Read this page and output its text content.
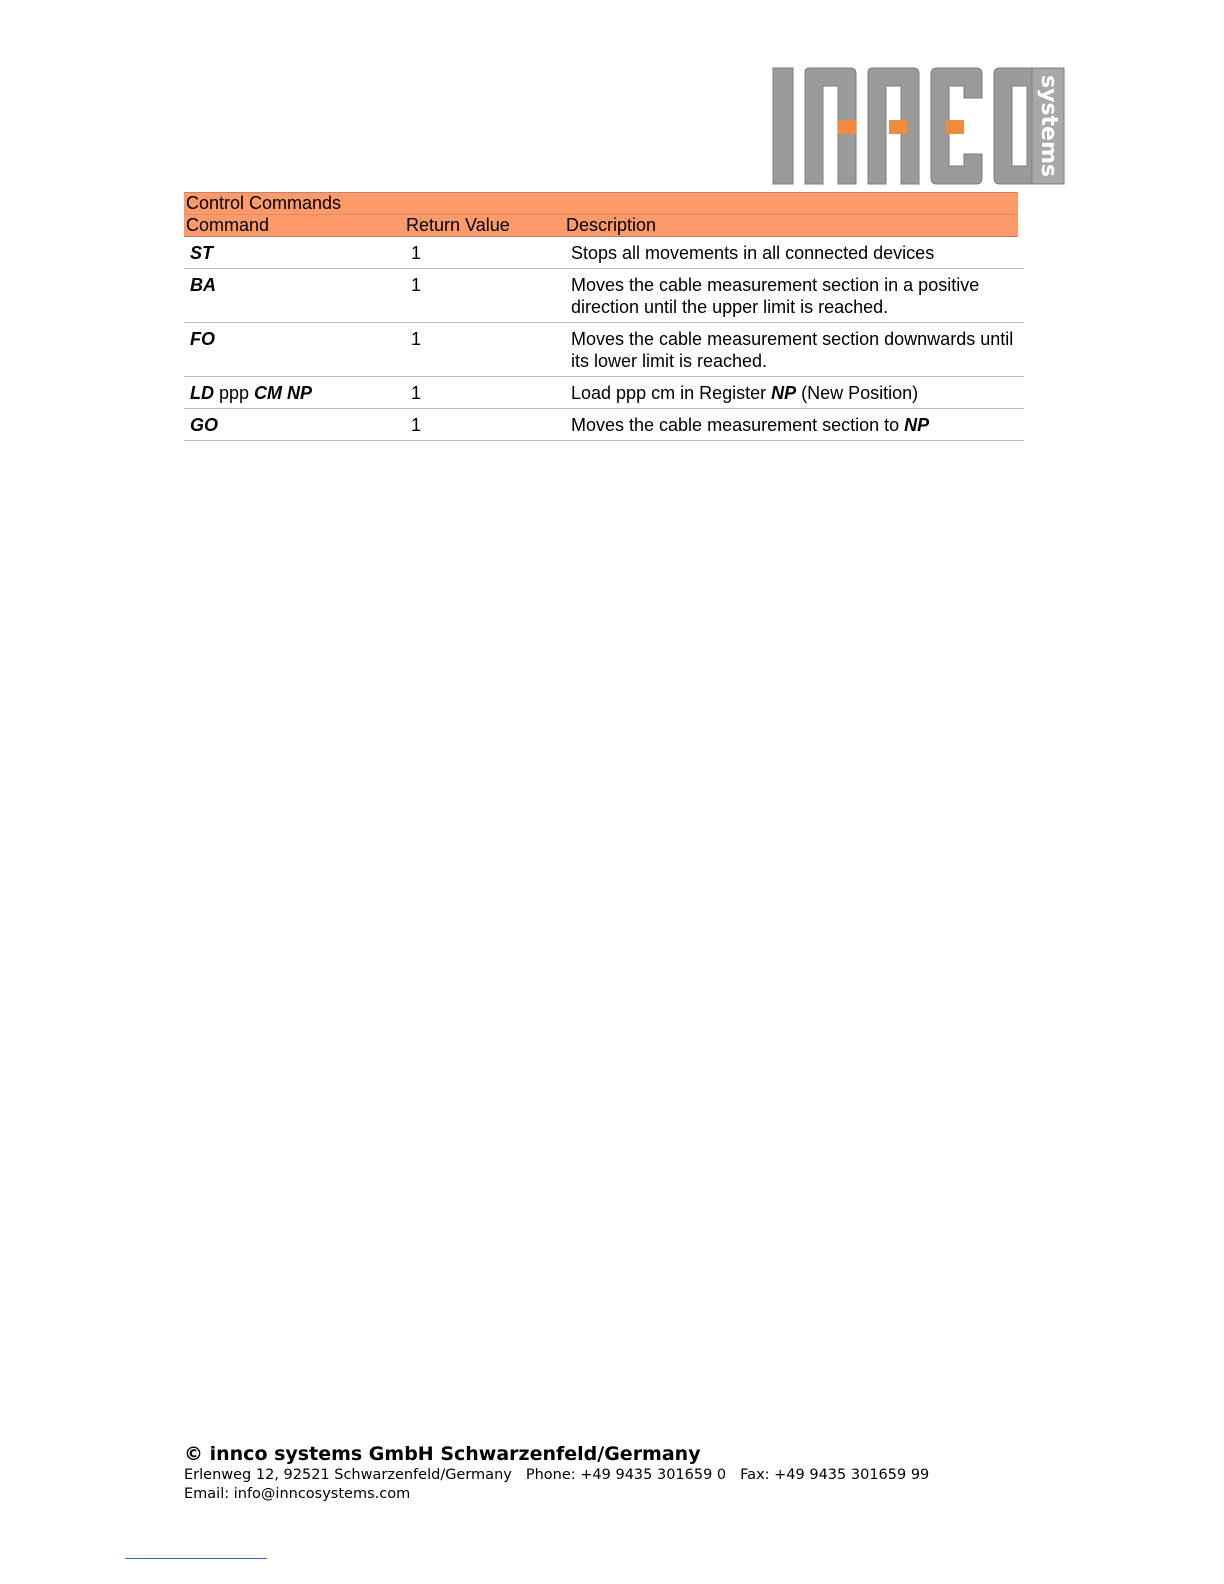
systems
Control Commands
Command	Return Value	Description
ST	1	Stops all movements in all connected devices
BA	1	Moves the cable measurement section in a positive direction until the upper limit is reached.
FO	1	Moves the cable measurement section downwards until its lower limit is reached.
LD ppp CM NP	1	Load ppp cm in Register NP (New Position)
GO	1	Moves the cable measurement section to NP
© innco systems GmbH Schwarzenfeld/Germany
Erlenweg 12, 92521 Schwarzenfeld/Germany Phone: +49 9435 301659 0 Fax: +49 9435 301659 99
Email: info@inncosystems.com
